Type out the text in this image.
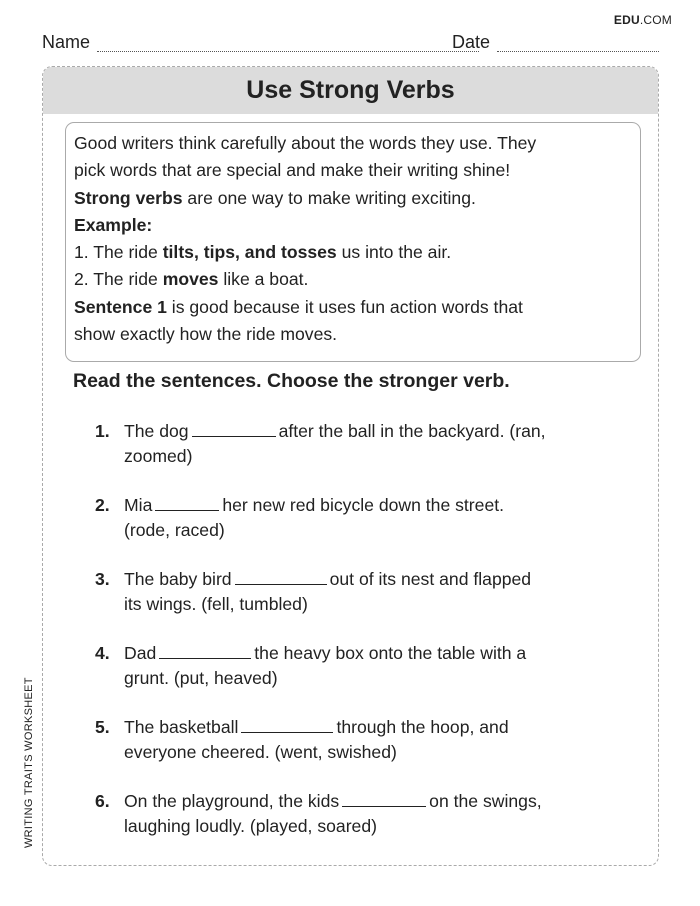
EDU.COM
Name	Date
Use Strong Verbs

Good writers think carefully about the words they use. They

pick words that are special and make their writing shine!

Strong verbs are one way to make writing exciting.

Example:

1. The ride tilts, tips, and tosses us into the air.

2. The ride moves like a boat.

Sentence 1 is good because it uses fun action words that

show exactly how the ride moves.

Read the sentences. Choose the stronger verb.
1. The dog	after the ball in the backyard. (ran,
zoomed)
2. Mia	her new red bicycle down the street.
(rode, raced)
3. The baby bird	out of its nest and flapped
its wings. (fell, tumbled)
4. Dad	the heavy box onto the table with a
grunt. (put, heaved)
5. The basketball	through the hoop, and
everyone cheered. (went, swished)
6. On the playground, the kids	on the swings,
laughing loudly. (played, soared)
WRITING TRAITS WORKSHEET
